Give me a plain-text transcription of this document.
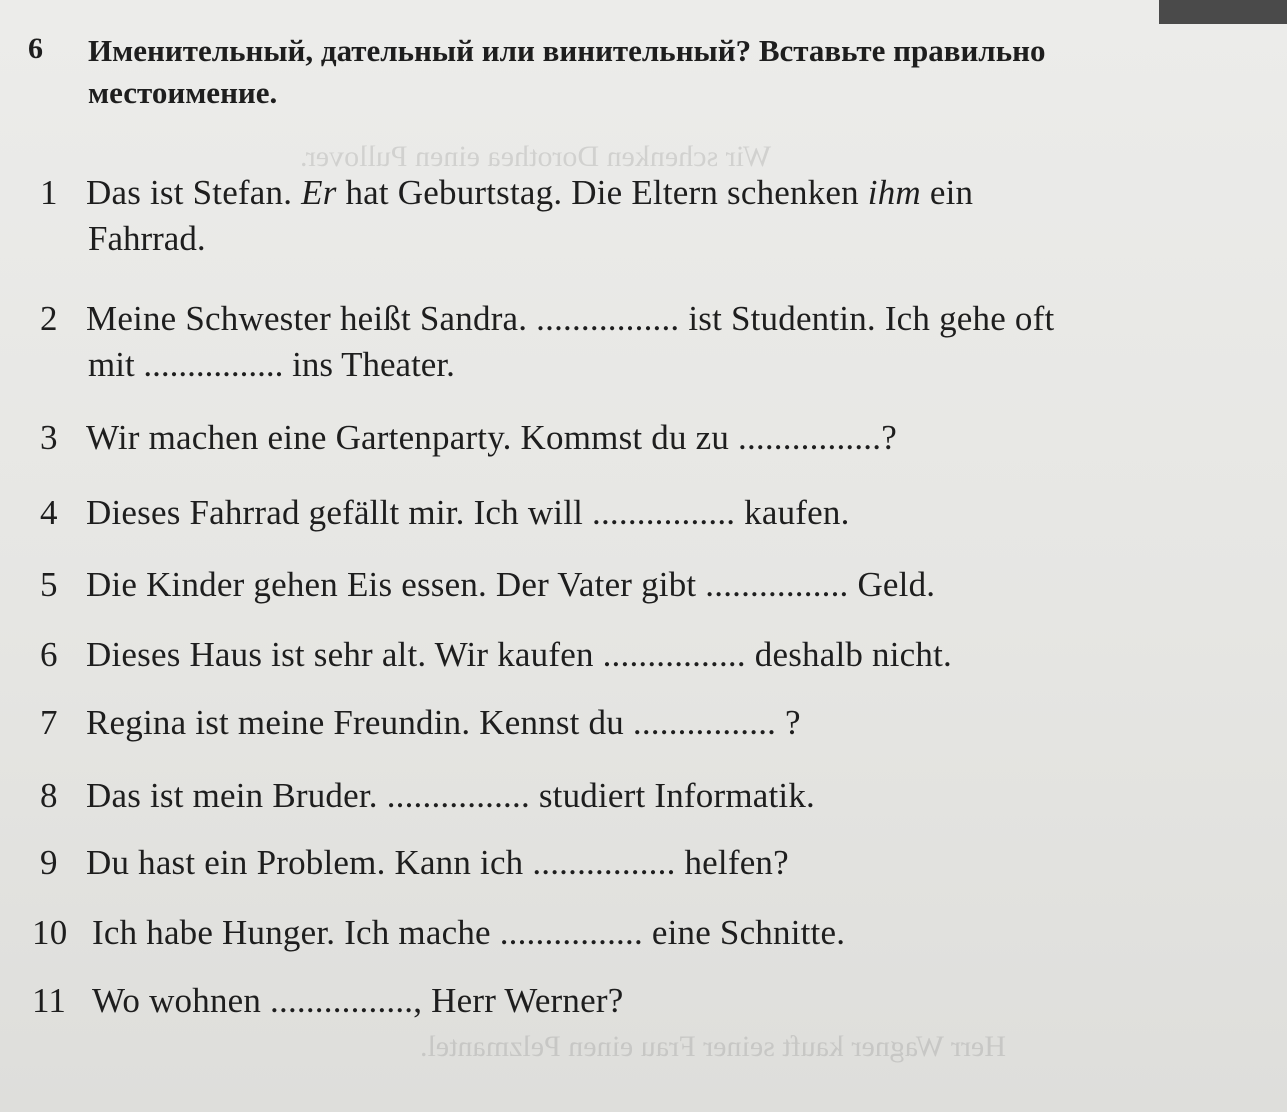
Wir schenken Dorothea einen Pullover.
Herr Wagner kauft seiner Frau einen Pelzmantel.
6 Именительный, дательный или винительный? Вставьте правильно местоимение.
1 Das ist Stefan. Er hat Geburtstag. Die Eltern schenken ihm ein
Fahrrad.
2 Meine Schwester heißt Sandra. ................ ist Studentin. Ich gehe oft
mit ................ ins Theater.
3 Wir machen eine Gartenparty. Kommst du zu ................?
4 Dieses Fahrrad gefällt mir. Ich will ................ kaufen.
5 Die Kinder gehen Eis essen. Der Vater gibt ................ Geld.
6 Dieses Haus ist sehr alt. Wir kaufen ................ deshalb nicht.
7 Regina ist meine Freundin. Kennst du ................ ?
8 Das ist mein Bruder. ................ studiert Informatik.
9 Du hast ein Problem. Kann ich ................ helfen?
10 Ich habe Hunger. Ich mache ................ eine Schnitte.
11 Wo wohnen ................, Herr Werner?
